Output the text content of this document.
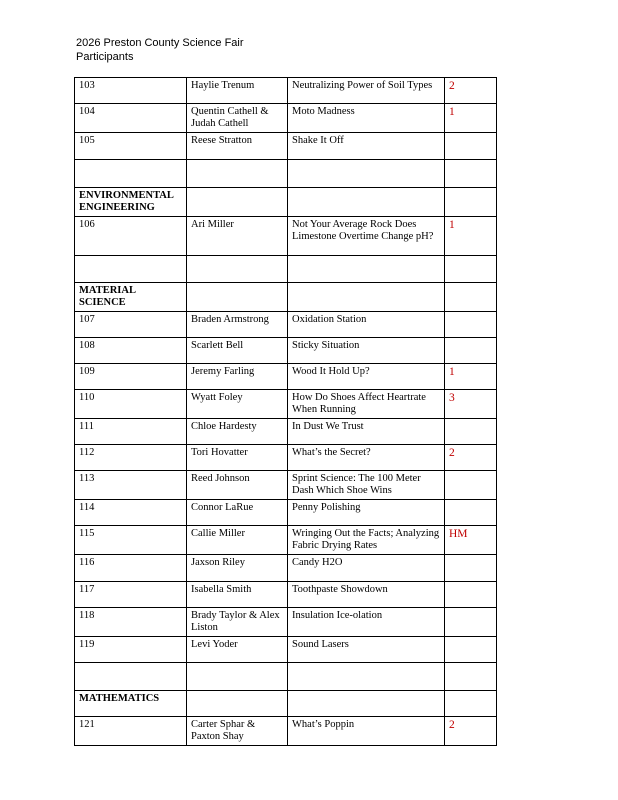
2026 Preston County Science Fair
Participants
103	Haylie Trenum	Neutralizing Power of Soil Types	2
104	Quentin Cathell & Judah Cathell	Moto Madness	1
105	Reese Stratton	Shake It Off	

ENVIRONMENTAL ENGINEERING			
106	Ari Miller	Not Your Average Rock Does Limestone Overtime Change pH?	1

MATERIAL SCIENCE			
107	Braden Armstrong	Oxidation Station	
108	Scarlett Bell	Sticky Situation	
109	Jeremy Farling	Wood It Hold Up?	1
110	Wyatt Foley	How Do Shoes Affect Heartrate When Running	3
111	Chloe Hardesty	In Dust We Trust	
112	Tori Hovatter	What’s the Secret?	2
113	Reed Johnson	Sprint Science: The 100 Meter Dash Which Shoe Wins	
114	Connor LaRue	Penny Polishing	
115	Callie Miller	Wringing Out the Facts; Analyzing Fabric Drying Rates	HM
116	Jaxson Riley	Candy H2O	
117	Isabella Smith	Toothpaste Showdown	
118	Brady Taylor & Alex Liston	Insulation Ice-olation	
119	Levi Yoder	Sound Lasers	

MATHEMATICS			
121	Carter Sphar & Paxton Shay	What’s Poppin	2
